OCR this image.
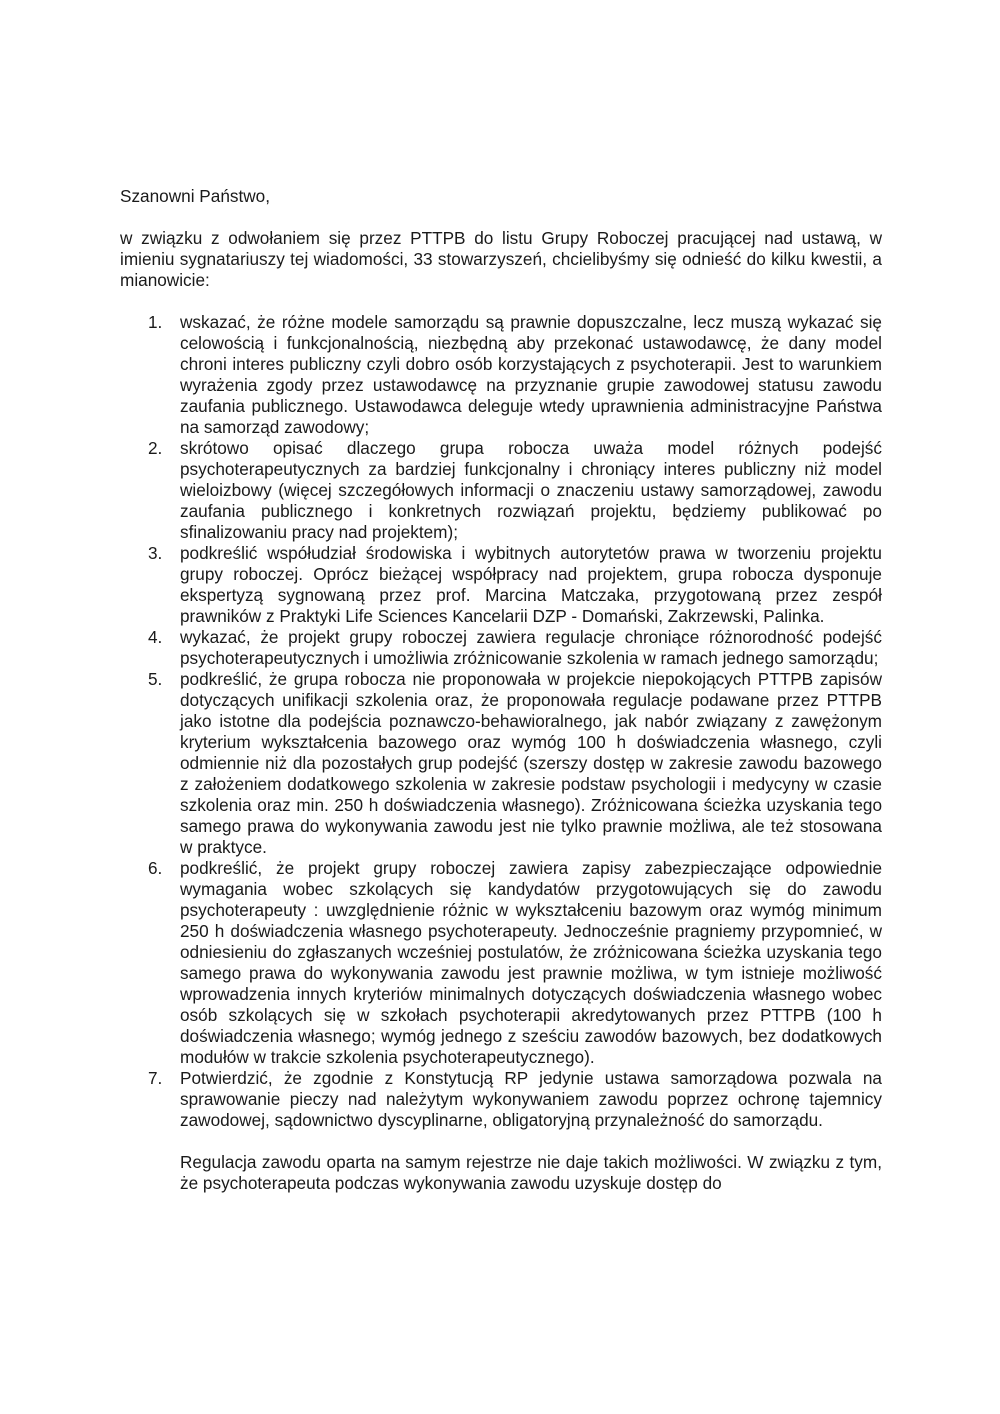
Szanowni Państwo,

w związku z odwołaniem się przez PTTPB do listu Grupy Roboczej pracującej nad ustawą, w imieniu sygnatariuszy tej wiadomości, 33 stowarzyszeń, chcielibyśmy się odnieść do kilku kwestii, a mianowicie:

1.	wskazać, że różne modele samorządu są prawnie dopuszczalne, lecz muszą wykazać się celowością i funkcjonalnością, niezbędną aby przekonać ustawodawcę, że dany model chroni interes publiczny czyli dobro osób korzystających z psychoterapii. Jest to warunkiem wyrażenia zgody przez ustawodawcę na przyznanie grupie zawodowej statusu zawodu zaufania publicznego. Ustawodawca deleguje wtedy uprawnienia administracyjne Państwa na samorząd zawodowy;
2.	skrótowo opisać dlaczego grupa robocza uważa model różnych podejść psychoterapeutycznych za bardziej funkcjonalny i chroniący interes publiczny niż model wieloizbowy (więcej szczegółowych informacji o znaczeniu ustawy samorządowej, zawodu zaufania publicznego i konkretnych rozwiązań projektu, będziemy publikować po sfinalizowaniu pracy nad projektem);
3.	podkreślić współudział środowiska i wybitnych autorytetów prawa w tworzeniu projektu grupy roboczej. Oprócz bieżącej współpracy nad projektem, grupa robocza dysponuje ekspertyzą sygnowaną przez prof. Marcina Matczaka, przygotowaną przez zespół prawników z Praktyki Life Sciences Kancelarii DZP - Domański, Zakrzewski, Palinka.
4.	wykazać, że projekt grupy roboczej zawiera regulacje chroniące różnorodność podejść psychoterapeutycznych i umożliwia zróżnicowanie szkolenia w ramach jednego samorządu;
5.	podkreślić, że grupa robocza nie proponowała w projekcie niepokojących PTTPB zapisów dotyczących unifikacji szkolenia oraz, że proponowała regulacje podawane przez PTTPB jako istotne dla podejścia poznawczo-behawioralnego, jak nabór związany z zawężonym kryterium wykształcenia bazowego oraz wymóg 100 h doświadczenia własnego, czyli odmiennie niż dla pozostałych grup podejść (szerszy dostęp w zakresie zawodu bazowego z założeniem dodatkowego szkolenia w zakresie podstaw psychologii i medycyny w czasie szkolenia oraz min. 250 h doświadczenia własnego). Zróżnicowana ścieżka uzyskania tego samego prawa do wykonywania zawodu jest nie tylko prawnie możliwa, ale też stosowana w praktyce.
6.	podkreślić, że projekt grupy roboczej zawiera zapisy zabezpieczające odpowiednie wymagania wobec szkolących się kandydatów przygotowujących się do zawodu psychoterapeuty : uwzględnienie różnic w wykształceniu bazowym oraz wymóg minimum 250 h doświadczenia własnego psychoterapeuty. Jednocześnie pragniemy przypomnieć, w odniesieniu do zgłaszanych wcześniej postulatów, że zróżnicowana ścieżka uzyskania tego samego prawa do wykonywania zawodu jest prawnie możliwa, w tym istnieje możliwość wprowadzenia innych kryteriów minimalnych dotyczących doświadczenia własnego wobec osób szkolących się w szkołach psychoterapii akredytowanych przez PTTPB (100 h doświadczenia własnego; wymóg jednego z sześciu zawodów bazowych, bez dodatkowych modułów w trakcie szkolenia psychoterapeutycznego).
7.	Potwierdzić, że zgodnie z Konstytucją RP jedynie ustawa samorządowa pozwala na sprawowanie pieczy nad należytym wykonywaniem zawodu poprzez ochronę tajemnicy zawodowej, sądownictwo dyscyplinarne, obligatoryjną przynależność do samorządu.

Regulacja zawodu oparta na samym rejestrze nie daje takich możliwości. W związku z tym, że psychoterapeuta podczas wykonywania zawodu uzyskuje dostęp do
